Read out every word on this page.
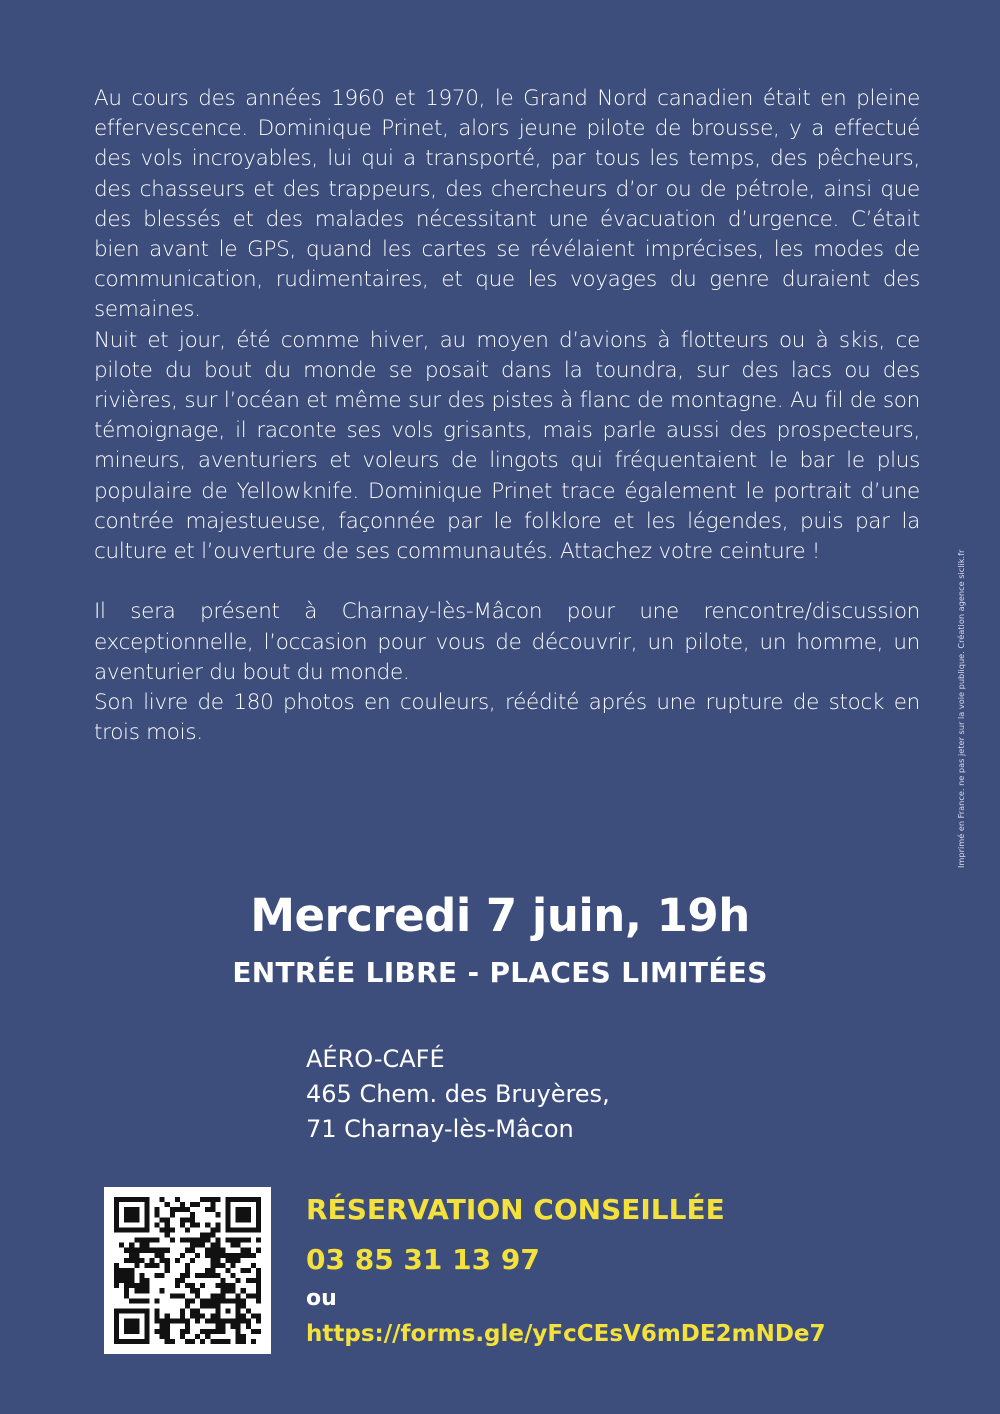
Au cours des années 1960 et 1970, le Grand Nord canadien était en pleine effervescence. Dominique Prinet, alors jeune pilote de brousse, y a effectué des vols incroyables, lui qui a transporté, par tous les temps, des pêcheurs, des chasseurs et des trappeurs, des chercheurs d’or ou de pétrole, ainsi que des blessés et des malades nécessitant une évacuation d’urgence. C’était bien avant le GPS, quand les cartes se révélaient imprécises, les modes de communication, rudimentaires, et que les voyages du genre duraient des semaines.

Nuit et jour, été comme hiver, au moyen d’avions à flotteurs ou à skis, ce pilote du bout du monde se posait dans la toundra, sur des lacs ou des rivières, sur l’océan et même sur des pistes à flanc de montagne. Au fil de son témoignage, il raconte ses vols grisants, mais parle aussi des prospecteurs, mineurs, aventuriers et voleurs de lingots qui fréquentaient le bar le plus populaire de Yellowknife. Dominique Prinet trace également le portrait d’une contrée majestueuse, façonnée par le folklore et les légendes, puis par la culture et l’ouverture de ses communautés. Attachez votre ceinture !

Il sera présent à Charnay-lès-Mâcon pour une rencontre/discussion exceptionnelle, l’occasion pour vous de découvrir, un pilote, un homme, un aventurier du bout du monde.

Son livre de 180 photos en couleurs, réédité aprés une rupture de stock en trois mois.	Imprimé en France. ne pas jeter sur la voie publique. Création agence siclik.fr
Mercredi 7 juin, 19h
ENTRÉE LIBRE - PLACES LIMITÉES
AÉRO-CAFÉ
465 Chem. des Bruyères,
71 Charnay-lès-Mâcon
RÉSERVATION CONSEILLÉE
03 85 31 13 97
ou
https://forms.gle/yFcCEsV6mDE2mNDe7
